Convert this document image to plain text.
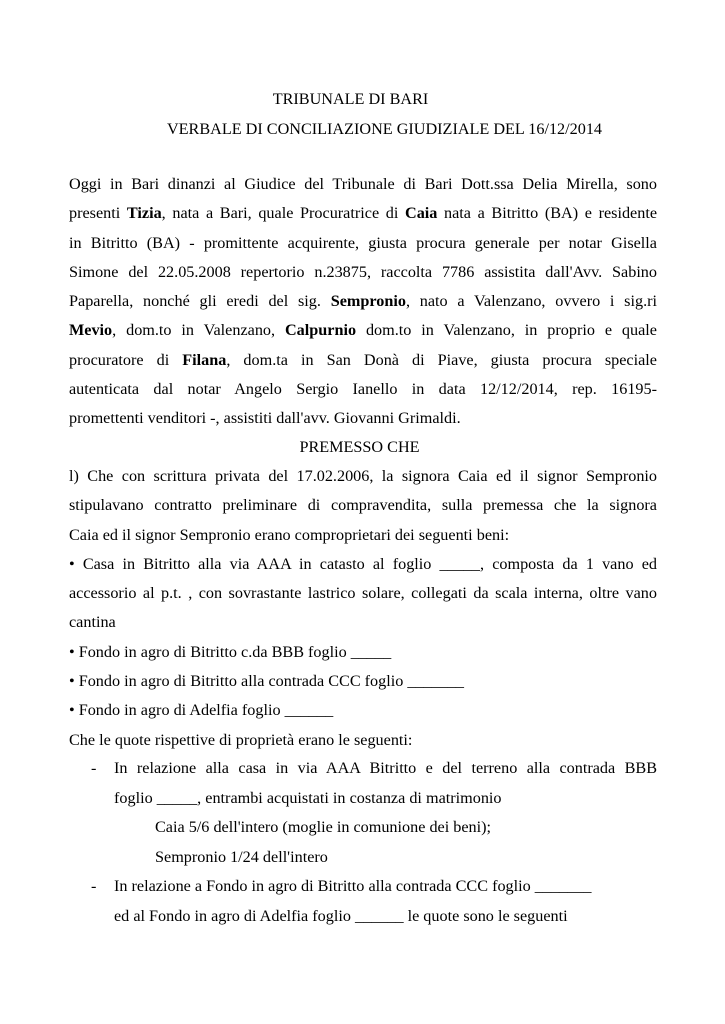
TRIBUNALE DI BARI
VERBALE DI CONCILIAZIONE GIUDIZIALE DEL 16/12/2014
Oggi in Bari dinanzi al Giudice del Tribunale di Bari Dott.ssa Delia Mirella, sono
presenti Tizia, nata a Bari, quale Procuratrice di Caia nata a Bitritto (BA) e residente
in Bitritto (BA) - promittente acquirente, giusta procura generale per notar Gisella
Simone del 22.05.2008 repertorio n.23875, raccolta 7786 assistita dall'Avv. Sabino
Paparella, nonché gli eredi del sig. Sempronio, nato a Valenzano, ovvero i sig.ri
Mevio, dom.to in Valenzano, Calpurnio dom.to in Valenzano, in proprio e quale
procuratore di Filana, dom.ta in San Donà di Piave, giusta procura speciale
autenticata dal notar Angelo Sergio Ianello in data 12/12/2014, rep. 16195-
promettenti venditori -, assistiti dall'avv. Giovanni Grimaldi.
PREMESSO CHE
l) Che con scrittura privata del 17.02.2006, la signora Caia ed il signor Sempronio
stipulavano contratto preliminare di compravendita, sulla premessa che la signora
Caia ed il signor Sempronio erano comproprietari dei seguenti beni:
• Casa in Bitritto alla via AAA in catasto al foglio _____, composta da 1 vano ed
accessorio al p.t. , con sovrastante lastrico solare, collegati da scala interna, oltre vano
cantina
• Fondo in agro di Bitritto c.da BBB foglio _____
• Fondo in agro di Bitritto alla contrada CCC foglio _______
• Fondo in agro di Adelfia foglio ______
Che le quote rispettive di proprietà erano le seguenti:
-	In relazione alla casa in via AAA Bitritto e del terreno alla contrada BBB
foglio _____, entrambi acquistati in costanza di matrimonio
Caia 5/6 dell'intero (moglie in comunione dei beni);
Sempronio 1/24 dell'intero
-	In relazione a Fondo in agro di Bitritto alla contrada CCC foglio _______
ed al Fondo in agro di Adelfia foglio ______ le quote sono le seguenti
